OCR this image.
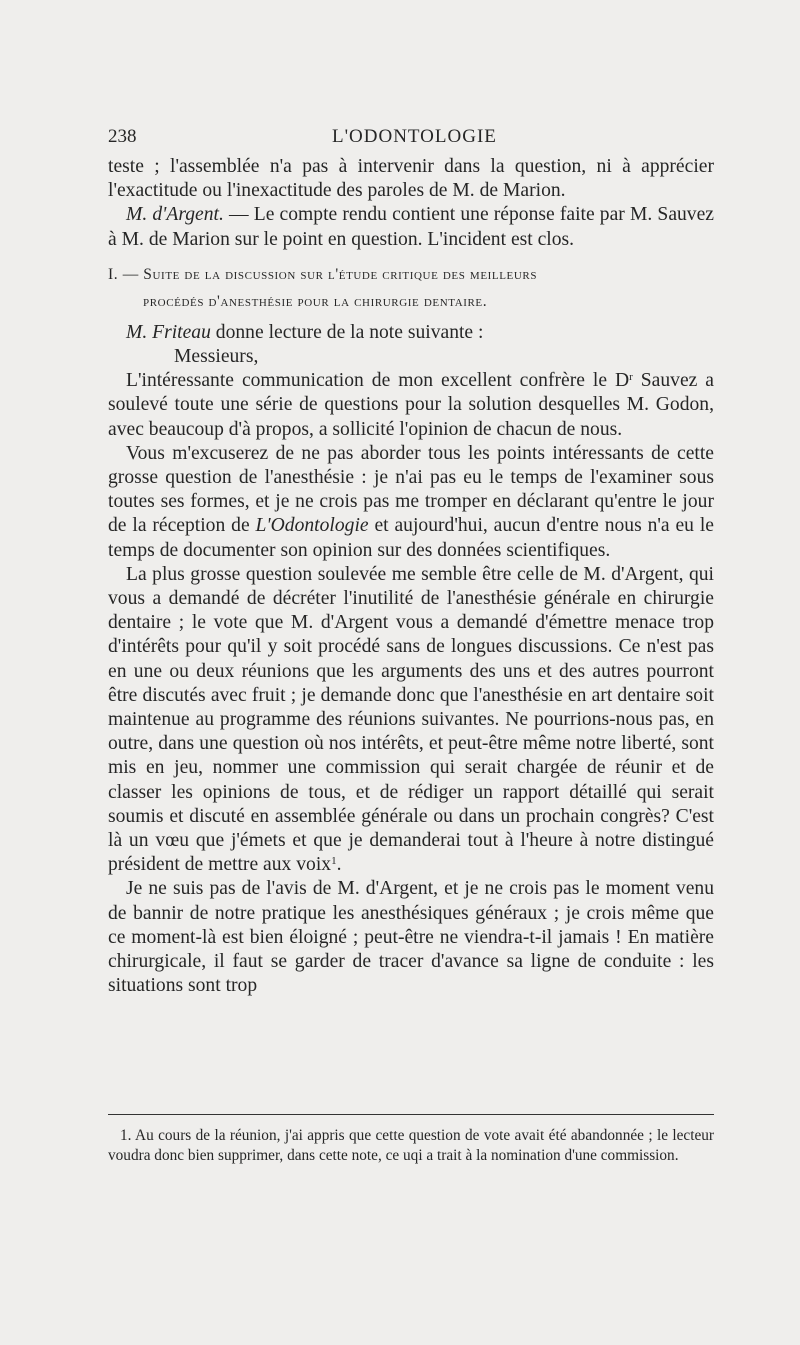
238	L'ODONTOLOGIE

teste ; l'assemblée n'a pas à intervenir dans la question, ni à apprécier l'exactitude ou l'inexactitude des paroles de M. de Marion.

M. d'Argent. — Le compte rendu contient une réponse faite par M. Sauvez à M. de Marion sur le point en question. L'incident est clos.

I. — Suite de la discussion sur l'étude critique des meilleurs
procédés d'anesthésie pour la chirurgie dentaire.

M. Friteau donne lecture de la note suivante :

Messieurs,

L'intéressante communication de mon excellent confrère le $D^r$ Sauvez a soulevé toute une série de questions pour la solution desquelles M. Godon, avec beaucoup d'à propos, a sollicité l'opinion de chacun de nous.

Vous m'excuserez de ne pas aborder tous les points intéressants de cette grosse question de l'anesthésie : je n'ai pas eu le temps de l'examiner sous toutes ses formes, et je ne crois pas me tromper en déclarant qu'entre le jour de la réception de L'Odontologie et aujourd'hui, aucun d'entre nous n'a eu le temps de documenter son opinion sur des données scientifiques.

La plus grosse question soulevée me semble être celle de M. d'Argent, qui vous a demandé de décréter l'inutilité de l'anesthésie générale en chirurgie dentaire ; le vote que M. d'Argent vous a demandé d'émettre menace trop d'intérêts pour qu'il y soit procédé sans de longues discussions. Ce n'est pas en une ou deux réunions que les arguments des uns et des autres pourront être discutés avec fruit ; je demande donc que l'anesthésie en art dentaire soit maintenue au programme des réunions suivantes. Ne pourrions-nous pas, en outre, dans une question où nos intérêts, et peut-être même notre liberté, sont mis en jeu, nommer une commission qui serait chargée de réunir et de classer les opinions de tous, et de rédiger un rapport détaillé qui serait soumis et discuté en assemblée générale ou dans un prochain congrès? C'est là un vœu que j'émets et que je demanderai tout à l'heure à notre distingué président de mettre aux voix$^1$.

Je ne suis pas de l'avis de M. d'Argent, et je ne crois pas le moment venu de bannir de notre pratique les anesthésiques généraux ; je crois même que ce moment-là est bien éloigné ; peut-être ne viendra-t-il jamais ! En matière chirurgicale, il faut se garder de tracer d'avance sa ligne de conduite : les situations sont trop

1. Au cours de la réunion, j'ai appris que cette question de vote avait été abandonnée ; le lecteur voudra donc bien supprimer, dans cette note, ce uqi a trait à la nomination d'une commission.
